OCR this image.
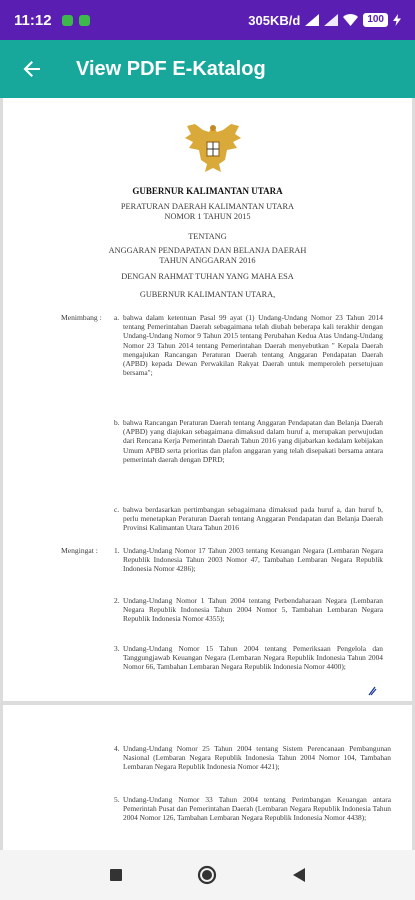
11:12	305KB/d	100
View PDF E-Katalog
GUBERNUR KALIMANTAN UTARA
PERATURAN DAERAH KALIMANTAN UTARA
NOMOR 1 TAHUN 2015
TENTANG
ANGGARAN PENDAPATAN DAN BELANJA DAERAH
TAHUN ANGGARAN 2016
DENGAN RAHMAT TUHAN YANG MAHA ESA
GUBERNUR KALIMANTAN UTARA,
Menimbang : a. bahwa dalam ketentuan Pasal 99 ayat (1) Undang-Undang Nomor 23 Tahun 2014 tentang Pemerintahan Daerah sebagaimana telah diubah beberapa kali terakhir dengan Undang-Undang Nomor 9 Tahun 2015 tentang Perubahan Kedua Atas Undang-Undang Nomor 23 Tahun 2014 tentang Pemerintahan Daerah menyebutkan " Kepala Daerah mengajukan Rancangan Peraturan Daerah tentang Anggaran Pendapatan Daerah (APBD) kepada Dewan Perwakilan Rakyat Daerah untuk memperoleh persetujuan bersama";
b. bahwa Rancangan Peraturan Daerah tentang Anggaran Pendapatan dan Belanja Daerah (APBD) yang diajukan sebagaimana dimaksud dalam huruf a, merupakan perwujudan dari Rencana Kerja Pemerintah Daerah Tahun 2016 yang dijabarkan kedalam kebijakan Umum APBD serta prioritas dan plafon anggaran yang telah disepakati bersama antara pemerintah daerah dengan DPRD;
c. bahwa berdasarkan pertimbangan sebagaimana dimaksud pada huruf a, dan huruf b, perlu menetapkan Peraturan Daerah tentang Anggaran Pendapatan dan Belanja Daerah Provinsi Kalimantan Utara Tahun 2016
Mengingat : 1. Undang-Undang Nomor 17 Tahun 2003 tentang Keuangan Negara (Lembaran Negara Republik Indonesia Tahun 2003 Nomor 47, Tambahan Lembaran Negara Republik Indonesia Nomor 4286);
2. Undang-Undang Nomor 1 Tahun 2004 tentang Perbendaharaan Negara (Lembaran Negara Republik Indonesia Tahun 2004 Nomor 5, Tambahan Lembaran Negara Republik Indonesia Nomor 4355);
3. Undang-Undang Nomor 15 Tahun 2004 tentang Pemeriksaan Pengelola dan Tanggungjawab Keuangan Negara (Lembaran Negara Republik Indonesia Tahun 2004 Nomor 66, Tambahan Lembaran Negara Republik Indonesia Nomor 4400);
4. Undang-Undang Nomor 25 Tahun 2004 tentang Sistem Perencanaan Pembangunan Nasional (Lembaran Negara Republik Indonesia Tahun 2004 Nomor 104, Tambahan Lembaran Negara Republik Indonesia Nomor 4421);
5. Undang-Undang Nomor 33 Tahun 2004 tentang Perimbangan Keuangan antara Pemerintah Pusat dan Pemerintahan Daerah (Lembaran Negara Republik Indonesia Tahun 2004 Nomor 126, Tambahan Lembaran Negara Republik Indonesia Nomor 4438);
